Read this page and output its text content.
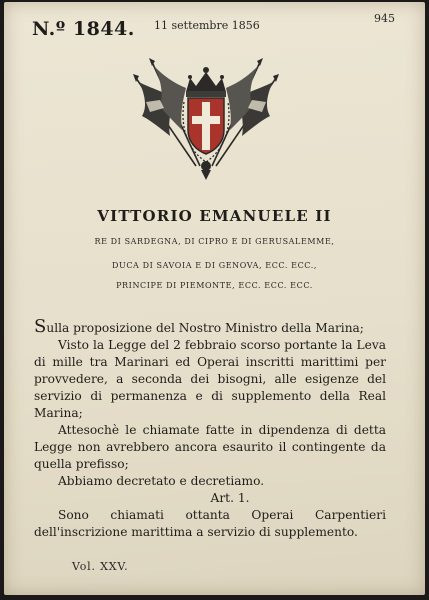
N.º 1844. 11 settembre 1856
945
VITTORIO EMANUELE II
RE DI SARDEGNA, DI CIPRO E DI GERUSALEMME,
DUCA DI SAVOIA E DI GENOVA, ECC. ECC.,
PRINCIPE DI PIEMONTE, ECC. ECC. ECC.

Sulla proposizione del Nostro Ministro della Marina;

Visto la Legge del 2 febbraio scorso portante la Leva di mille tra Marinari ed Operai inscritti marittimi per provvedere, a seconda dei bisogni, alle esigenze del servizio di permanenza e di supplemento della Real Marina;

Attesochè le chiamate fatte in dipendenza di detta Legge non avrebbero ancora esaurito il contingente da quella prefisso;

Abbiamo decretato e decretiamo.

Art. 1.

Sono chiamati ottanta Operai Carpentieri dell'inscrizione marittima a servizio di supplemento.

Vol. XXV.
